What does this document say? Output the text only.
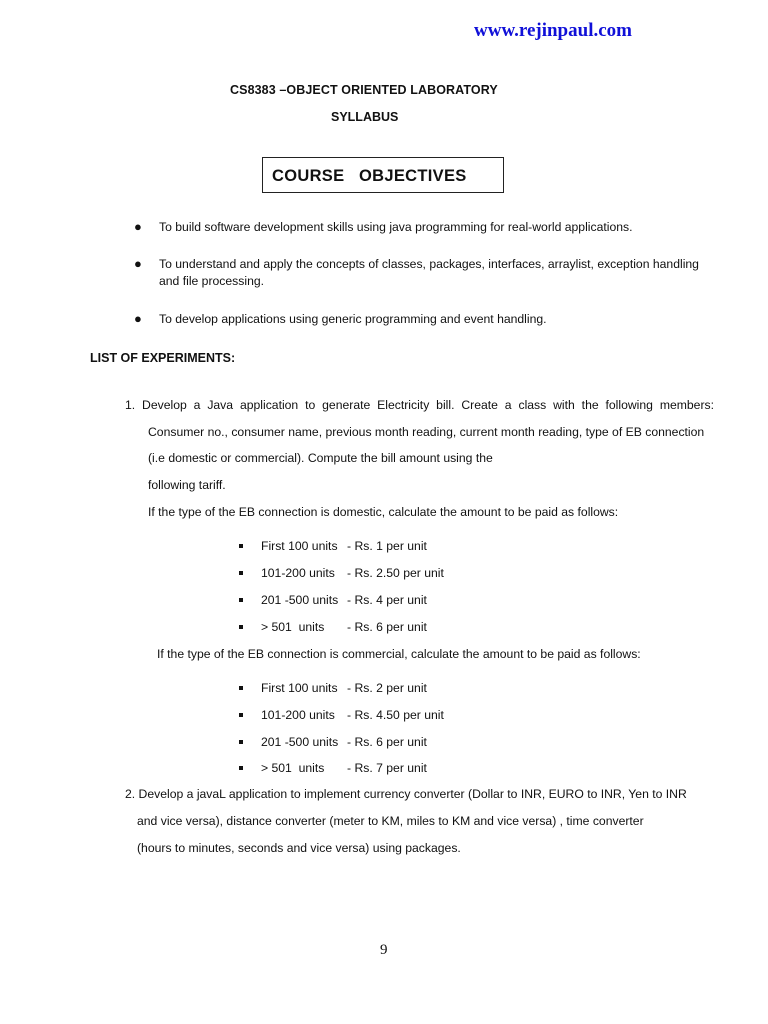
www.rejinpaul.com
CS8383 –OBJECT ORIENTED LABORATORY
SYLLABUS
COURSE   OBJECTIVES
● To build software development skills using java programming for real-world applications.
● To understand and apply the concepts of classes, packages, interfaces, arraylist, exception handling
and file processing.
● To develop applications using generic programming and event handling.
LIST OF EXPERIMENTS:
1. Develop a Java application to generate Electricity bill. Create a class with the following members:
Consumer no., consumer name, previous month reading, current month reading, type of EB connection
(i.e domestic or commercial). Compute the bill amount using the
following tariff.
If the type of the EB connection is domestic, calculate the amount to be paid as follows:
First 100 units - Rs. 1 per unit
101-200 units - Rs. 2.50 per unit
201 -500 units - Rs. 4 per unit
> 501  units - Rs. 6 per unit
If the type of the EB connection is commercial, calculate the amount to be paid as follows:
First 100 units - Rs. 2 per unit
101-200 units - Rs. 4.50 per unit
201 -500 units - Rs. 6 per unit
> 501  units - Rs. 7 per unit
2. Develop a javaL application to implement currency converter (Dollar to INR, EURO to INR, Yen to INR
and vice versa), distance converter (meter to KM, miles to KM and vice versa) , time converter
(hours to minutes, seconds and vice versa) using packages.
9
